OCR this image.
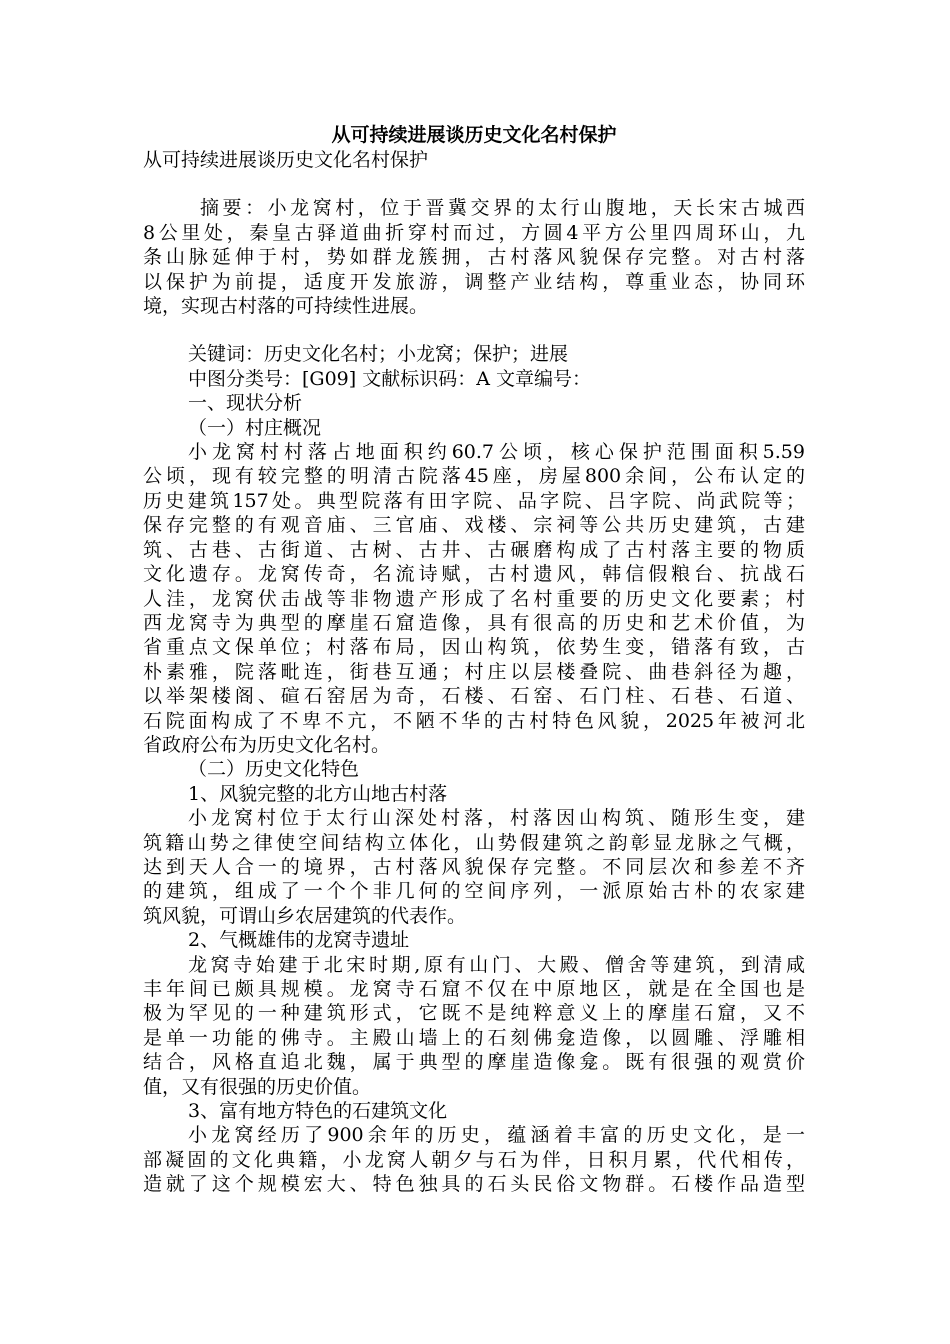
从可持续进展谈历史文化名村保护

从可持续进展谈历史文化名村保护

摘要：小龙窝村，位于晋冀交界的太行山腹地，天长宋古城西

8公里处，秦皇古驿道曲折穿村而过，方圆4平方公里四周环山，九

条山脉延伸于村，势如群龙簇拥，古村落风貌保存完整。对古村落

以保护为前提，适度开发旅游，调整产业结构，尊重业态，协同环

境，实现古村落的可持续性进展。

关键词：历史文化名村；小龙窝；保护；进展

中图分类号：[G09] 文献标识码：A 文章编号：

一、现状分析

（一）村庄概况

小龙窝村村落占地面积约60.7公顷，核心保护范围面积5.59

公顷，现有较完整的明清古院落45座，房屋800余间，公布认定的

历史建筑157处。典型院落有田字院、品字院、吕字院、尚武院等；

保存完整的有观音庙、三官庙、戏楼、宗祠等公共历史建筑，古建

筑、古巷、古街道、古树、古井、古碾磨构成了古村落主要的物质

文化遗存。龙窝传奇，名流诗赋，古村遗风，韩信假粮台、抗战石

人洼，龙窝伏击战等非物遗产形成了名村重要的历史文化要素；村

西龙窝寺为典型的摩崖石窟造像，具有很高的历史和艺术价值，为

省重点文保单位；村落布局，因山构筑，依势生变，错落有致，古

朴素雅，院落毗连，街巷互通；村庄以层楼叠院、曲巷斜径为趣，

以举架楼阁、碹石窑居为奇，石楼、石窑、石门柱、石巷、石道、

石院面构成了不卑不亢，不陋不华的古村特色风貌，2025年被河北

省政府公布为历史文化名村。

（二）历史文化特色

1、风貌完整的北方山地古村落

小龙窝村位于太行山深处村落，村落因山构筑、随形生变，建

筑籍山势之律使空间结构立体化，山势假建筑之韵彰显龙脉之气概，

达到天人合一的境界，古村落风貌保存完整。不同层次和参差不齐

的建筑，组成了一个个非几何的空间序列，一派原始古朴的农家建

筑风貌，可谓山乡农居建筑的代表作。

2、气概雄伟的龙窝寺遗址

龙窝寺始建于北宋时期,原有山门、大殿、僧舍等建筑，到清咸

丰年间已颇具规模。龙窝寺石窟不仅在中原地区，就是在全国也是

极为罕见的一种建筑形式，它既不是纯粹意义上的摩崖石窟，又不

是单一功能的佛寺。主殿山墙上的石刻佛龛造像，以圆雕、浮雕相

结合，风格直追北魏，属于典型的摩崖造像龛。既有很强的观赏价

值，又有很强的历史价值。

3、富有地方特色的石建筑文化

小龙窝经历了900余年的历史，蕴涵着丰富的历史文化，是一

部凝固的文化典籍，小龙窝人朝夕与石为伴，日积月累，代代相传，

造就了这个规模宏大、特色独具的石头民俗文物群。石楼作品造型
